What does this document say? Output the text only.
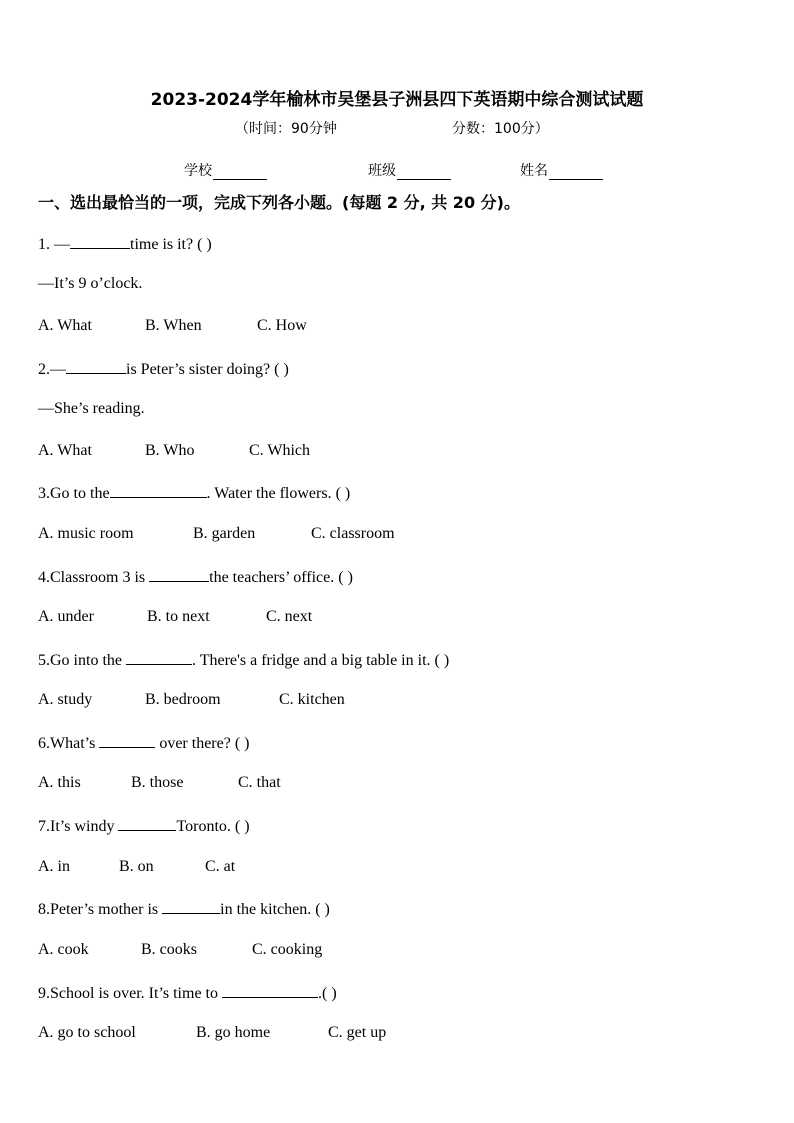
2023-2024学年榆林市吴堡县子洲县四下英语期中综合测试试题
（时间：90分钟	分数：100分）
学校	班级	姓名
一、选出最恰当的一项，完成下列各小题。(每题 2 分, 共 20 分)。
1. —	time is it? ( )
—It’s 9 o’clock.
A. What	B. When	C. How
2.—	is Peter’s sister doing? ( )
—She’s reading.
A. What	B. Who	C. Which
3.Go to the	. Water the flowers. ( )
A. music room	B. garden	C. classroom
4.Classroom 3 is	the teachers’ office. ( )
A. under	B. to next	C. next
5.Go into the	. There's a fridge and a big table in it. ( )
A. study	B. bedroom	C. kitchen
6.What’s	over there? ( )
A. this	B. those	C. that
7.It’s windy	Toronto. ( )
A. in	B. on	C. at
8.Peter’s mother is	in the kitchen. ( )
A. cook	B. cooks	C. cooking
9.School is over. It’s time to	.( )
A. go to school	B. go home	C. get up
